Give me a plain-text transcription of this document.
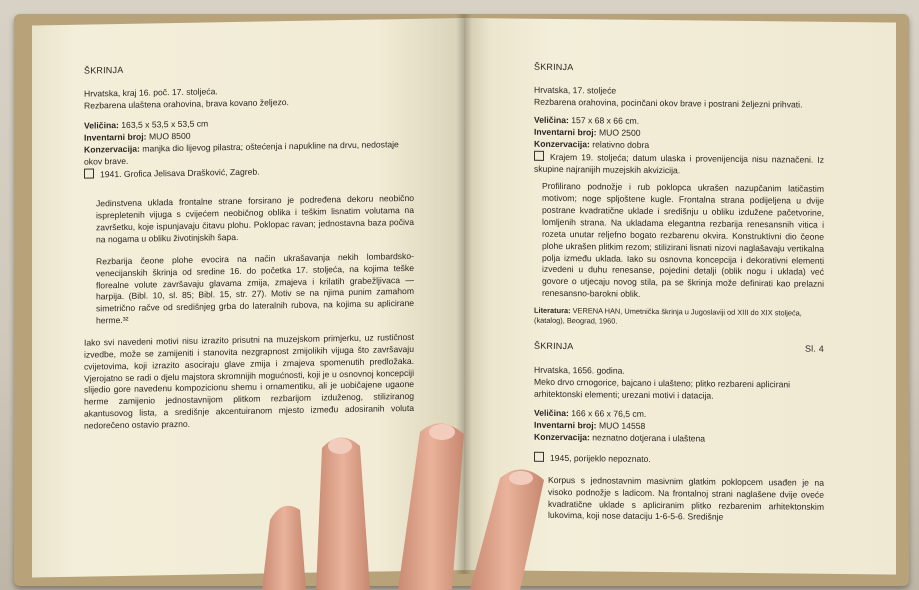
ŠKRINJA

Hrvatska, kraj 16. poč. 17. stoljeća.

Rezbarena ulaštena orahovina, brava kovano željezo.

Veličina: 163,5 x 53,5 x 53,5 cm

Inventarni broj: MUO 8500

Konzervacija: manjka dio lijevog pilastra; oštećenja i napukline na drvu, nedostaje okov brave.

1941. Grofica Jelisava Drašković, Zagreb.

Jedinstvena uklada frontalne strane forsirano je podređena dekoru neobično isprepletenih vijuga s cvijećem neobičnog oblika i teškim lisnatim volutama na završetku, koje ispunjavaju čitavu plohu. Poklopac ravan; jednostavna baza počiva na nogama u obliku životinjskih šapa.

Rezbarija čeone plohe evocira na način ukrašavanja nekih lombardsko-venecijanskih škrinja od sredine 16. do početka 17. stoljeća, na kojima teške florealne volute završavaju glavama zmija, zmajeva i krilatih grabežljivaca — harpija. (Bibl. 10, sl. 85; Bibl. 15, str. 27). Motiv se na njima punim zamahom simetrično račve od središnjeg grba do lateralnih rubova, na kojima su aplicirane herme.³²

Iako svi navedeni motivi nisu izrazito prisutni na muzejskom primjerku, uz rustičnost izvedbe, može se zamijeniti i stanovita nezgrapnost zmijolikih vijuga što završavaju cvijetovima, koji izrazito asociraju glave zmija i zmajeva spomenutih predložaka. Vjerojatno se radi o djelu majstora skromnijih mogućnosti, koji je u osnovnoj koncepciji slijedio gore navedenu kompozicionu shemu i ornamentiku, ali je uobičajene ugaone herme zamijenio jednostavnijom plitkom rezbarijom izduženog, stiliziranog akantusovog lista, a središnje akcentuiranom mjesto između adosiranih voluta nedorečeno ostavio prazno.

ŠKRINJA

Hrvatska, 17. stoljeće

Rezbarena orahovina, pocinčani okov brave i postrani željezni prihvati.

Veličina: 157 x 68 x 66 cm.

Inventarni broj: MUO 2500

Konzervacija: relativno dobra

Krajem 19. stoljeća; datum ulaska i provenijencija nisu naznačeni. Iz skupine najranijih muzejskih akvizicija.

Profilirano podnožje i rub poklopca ukrašen nazupčanim latičastim motivom; noge spljoštene kugle. Frontalna strana podijeljena u dvije postrane kvadratične uklade i središnju u obliku izdužene pačetvorine, lomljenih strana. Na ukladama elegantna rezbarija renesansnih vitica i rozeta unutar reljefno bogato rezbarenu okvira. Konstruktivni dio čeone plohe ukrašen plitkim rezom; stilizirani lisnati nizovi naglašavaju vertikalna polja između uklada. Iako su osnovna koncepcija i dekorativni elementi izvedeni u duhu renesanse, pojedini detalji (oblik nogu i uklada) već govore o utjecaju novog stila, pa se škrinja može definirati kao prelazni renesansno-barokni oblik.

Literatura: VERENA HAN, Umetnička škrinja u Jugoslaviji od XIII do XIX stoljeća, (katalog), Beograd, 1960.

ŠKRINJA	Sl. 4

Hrvatska, 1656. godina.

Meko drvo crnogorice, bajcano i ulašteno; plitko rezbareni aplicirani arhitektonski elementi; urezani motivi i datacija.

Veličina: 166 x 66 x 76,5 cm.

Inventarni broj: MUO 14558

Konzervacija: neznatno dotjerana i ulaštena

1945, porijeklo nepoznato.

Korpus s jednostavnim masivnim glatkim poklopcem usađen je na visoko podnožje s ladicom. Na frontalnoj strani naglašene dvije oveće kvadratične uklade s apliciranim plitko rezbarenim arhitektonskim lukovima, koji nose dataciju 1-6-5-6. Središnje
